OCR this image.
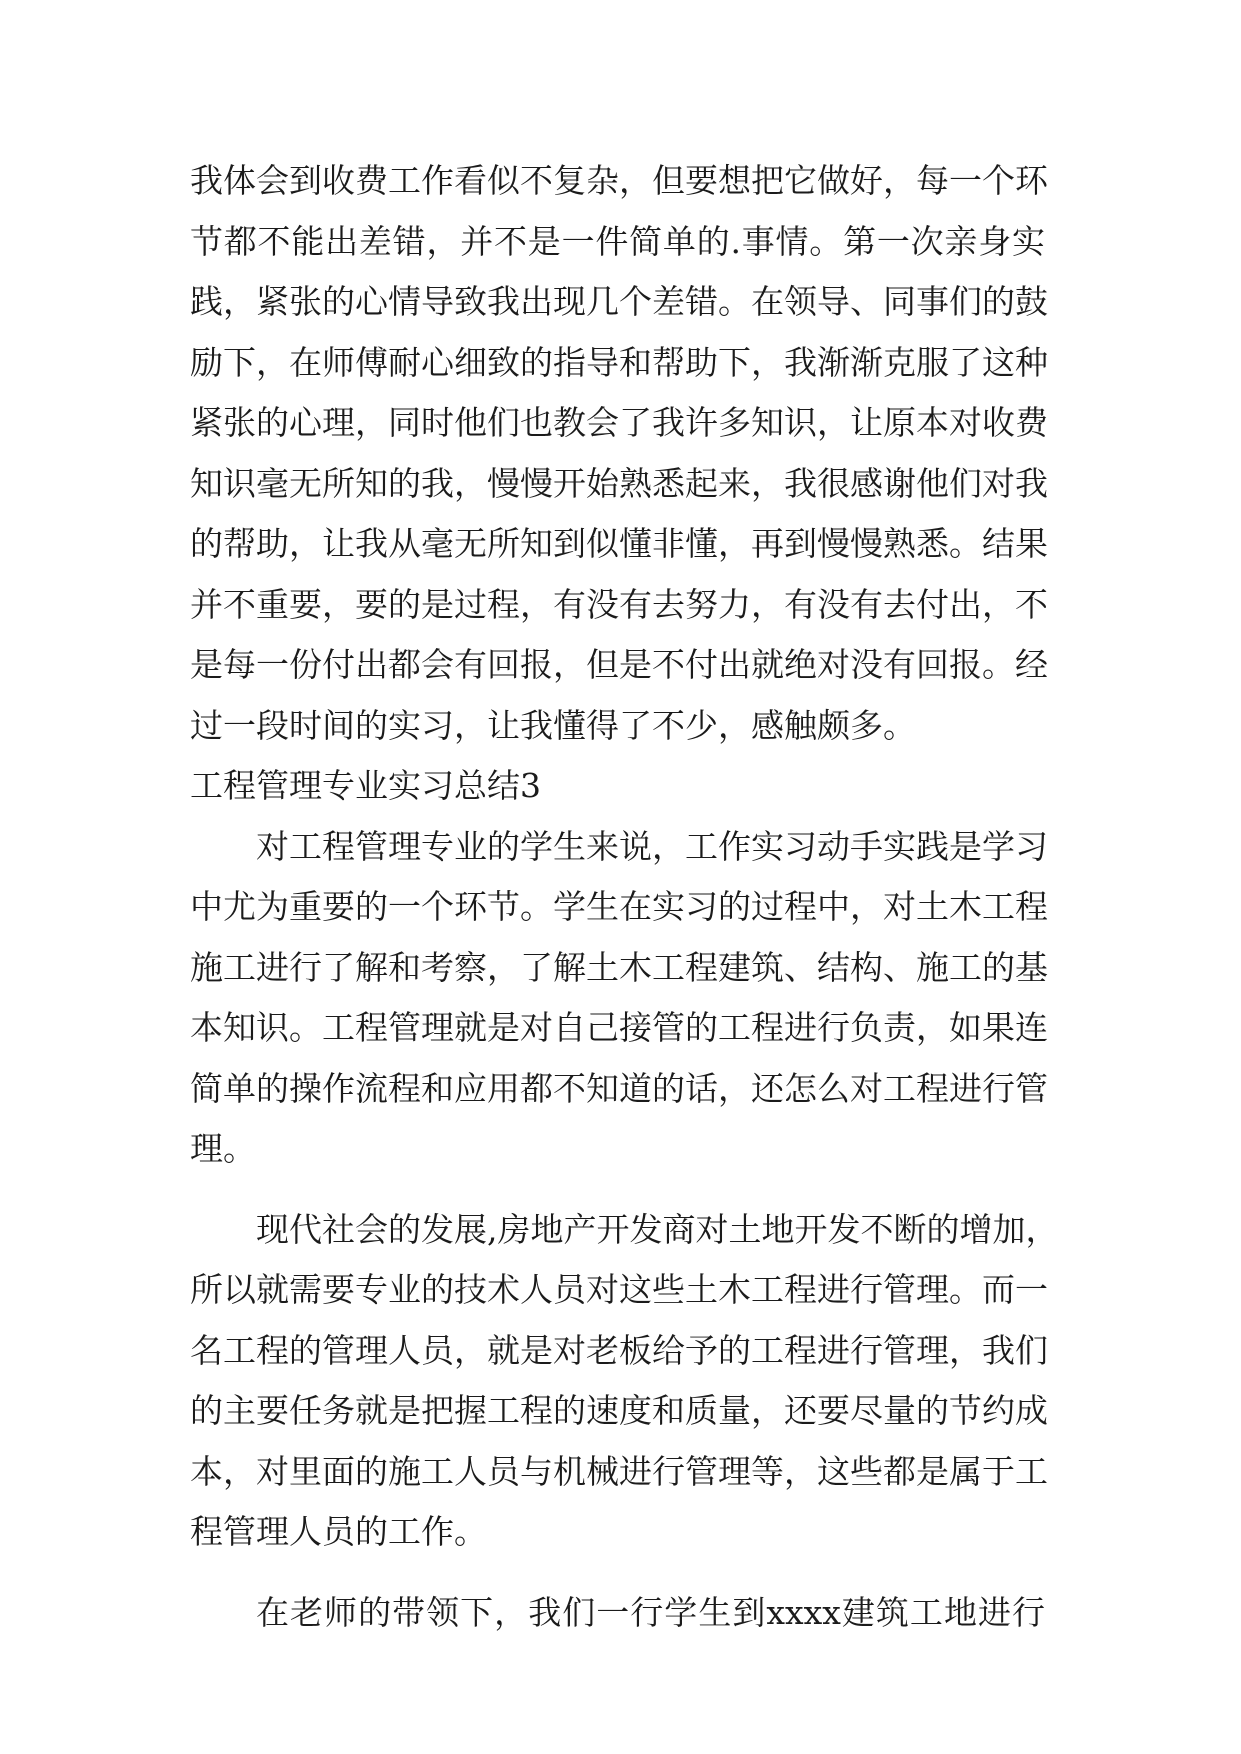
我体会到收费工作看似不复杂，但要想把它做好，每一个环
节都不能出差错，并不是一件简单的.事情。第一次亲身实
践，紧张的心情导致我出现几个差错。在领导、同事们的鼓
励下，在师傅耐心细致的指导和帮助下，我渐渐克服了这种
紧张的心理，同时他们也教会了我许多知识，让原本对收费
知识毫无所知的我，慢慢开始熟悉起来，我很感谢他们对我
的帮助，让我从毫无所知到似懂非懂，再到慢慢熟悉。结果
并不重要，要的是过程，有没有去努力，有没有去付出，不
是每一份付出都会有回报，但是不付出就绝对没有回报。经
过一段时间的实习，让我懂得了不少，感触颇多。
工程管理专业实习总结3
对工程管理专业的学生来说，工作实习动手实践是学习
中尤为重要的一个环节。学生在实习的过程中，对土木工程
施工进行了解和考察，了解土木工程建筑、结构、施工的基
本知识。工程管理就是对自己接管的工程进行负责，如果连
简单的操作流程和应用都不知道的话，还怎么对工程进行管
理。
现代社会的发展,房地产开发商对土地开发不断的增加，
所以就需要专业的技术人员对这些土木工程进行管理。而一
名工程的管理人员，就是对老板给予的工程进行管理，我们
的主要任务就是把握工程的速度和质量，还要尽量的节约成
本，对里面的施工人员与机械进行管理等，这些都是属于工
程管理人员的工作。
在老师的带领下，我们一行学生到xxxx建筑工地进行
